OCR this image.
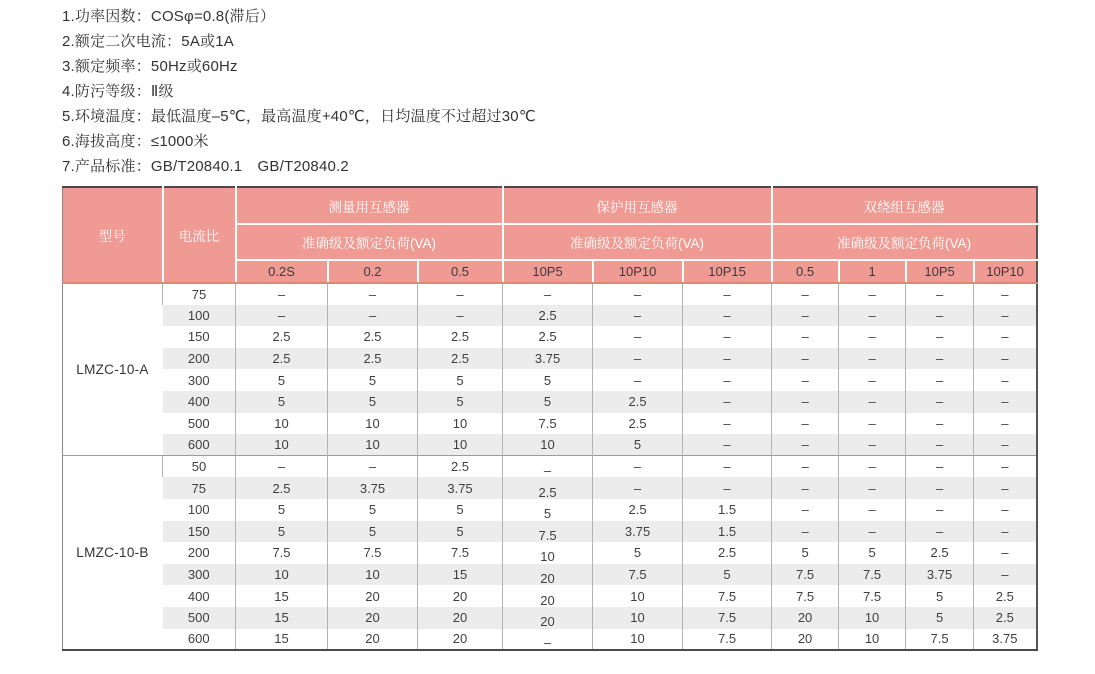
1.功率因数：COSφ=0.8(滞后）
2.额定二次电流：5A或1A
3.额定频率：50Hz或60Hz
4.防污等级：Ⅱ级
5.环境温度：最低温度–5℃，最高温度+40℃，日均温度不过超过30℃
6.海拔高度：≤1000米
7.产品标准：GB/T20840.1　GB/T20840.2
型号	电流比	测量用互感器			保护用互感器			双绕组互感器			
		准确级及额定负荷(VA)			准确级及额定负荷(VA)			准确级及额定负荷(VA)			
		0.2S	0.2	0.5	10P5	10P10	10P15	0.5	1	10P5	10P10
LMZC-10-A	75	–	–	–	–	–	–	–	–	–	–
	100	–	–	–	2.5	–	–	–	–	–	–
	150	2.5	2.5	2.5	2.5	–	–	–	–	–	–
	200	2.5	2.5	2.5	3.75	–	–	–	–	–	–
	300	5	5	5	5	–	–	–	–	–	–
	400	5	5	5	5	2.5	–	–	–	–	–
	500	10	10	10	7.5	2.5	–	–	–	–	–
	600	10	10	10	10	5	–	–	–	–	–
LMZC-10-B	50	–	–	2.5	–	–	–	–	–	–	–
	75	2.5	3.75	3.75	2.5	–	–	–	–	–	–
	100	5	5	5	5	2.5	1.5	–	–	–	–
	150	5	5	5	7.5	3.75	1.5	–	–	–	–
	200	7.5	7.5	7.5	10	5	2.5	5	5	2.5	–
	300	10	10	15	20	7.5	5	7.5	7.5	3.75	–
	400	15	20	20	20	10	7.5	7.5	7.5	5	2.5
	500	15	20	20	20	10	7.5	20	10	5	2.5
	600	15	20	20	–	10	7.5	20	10	7.5	3.75
